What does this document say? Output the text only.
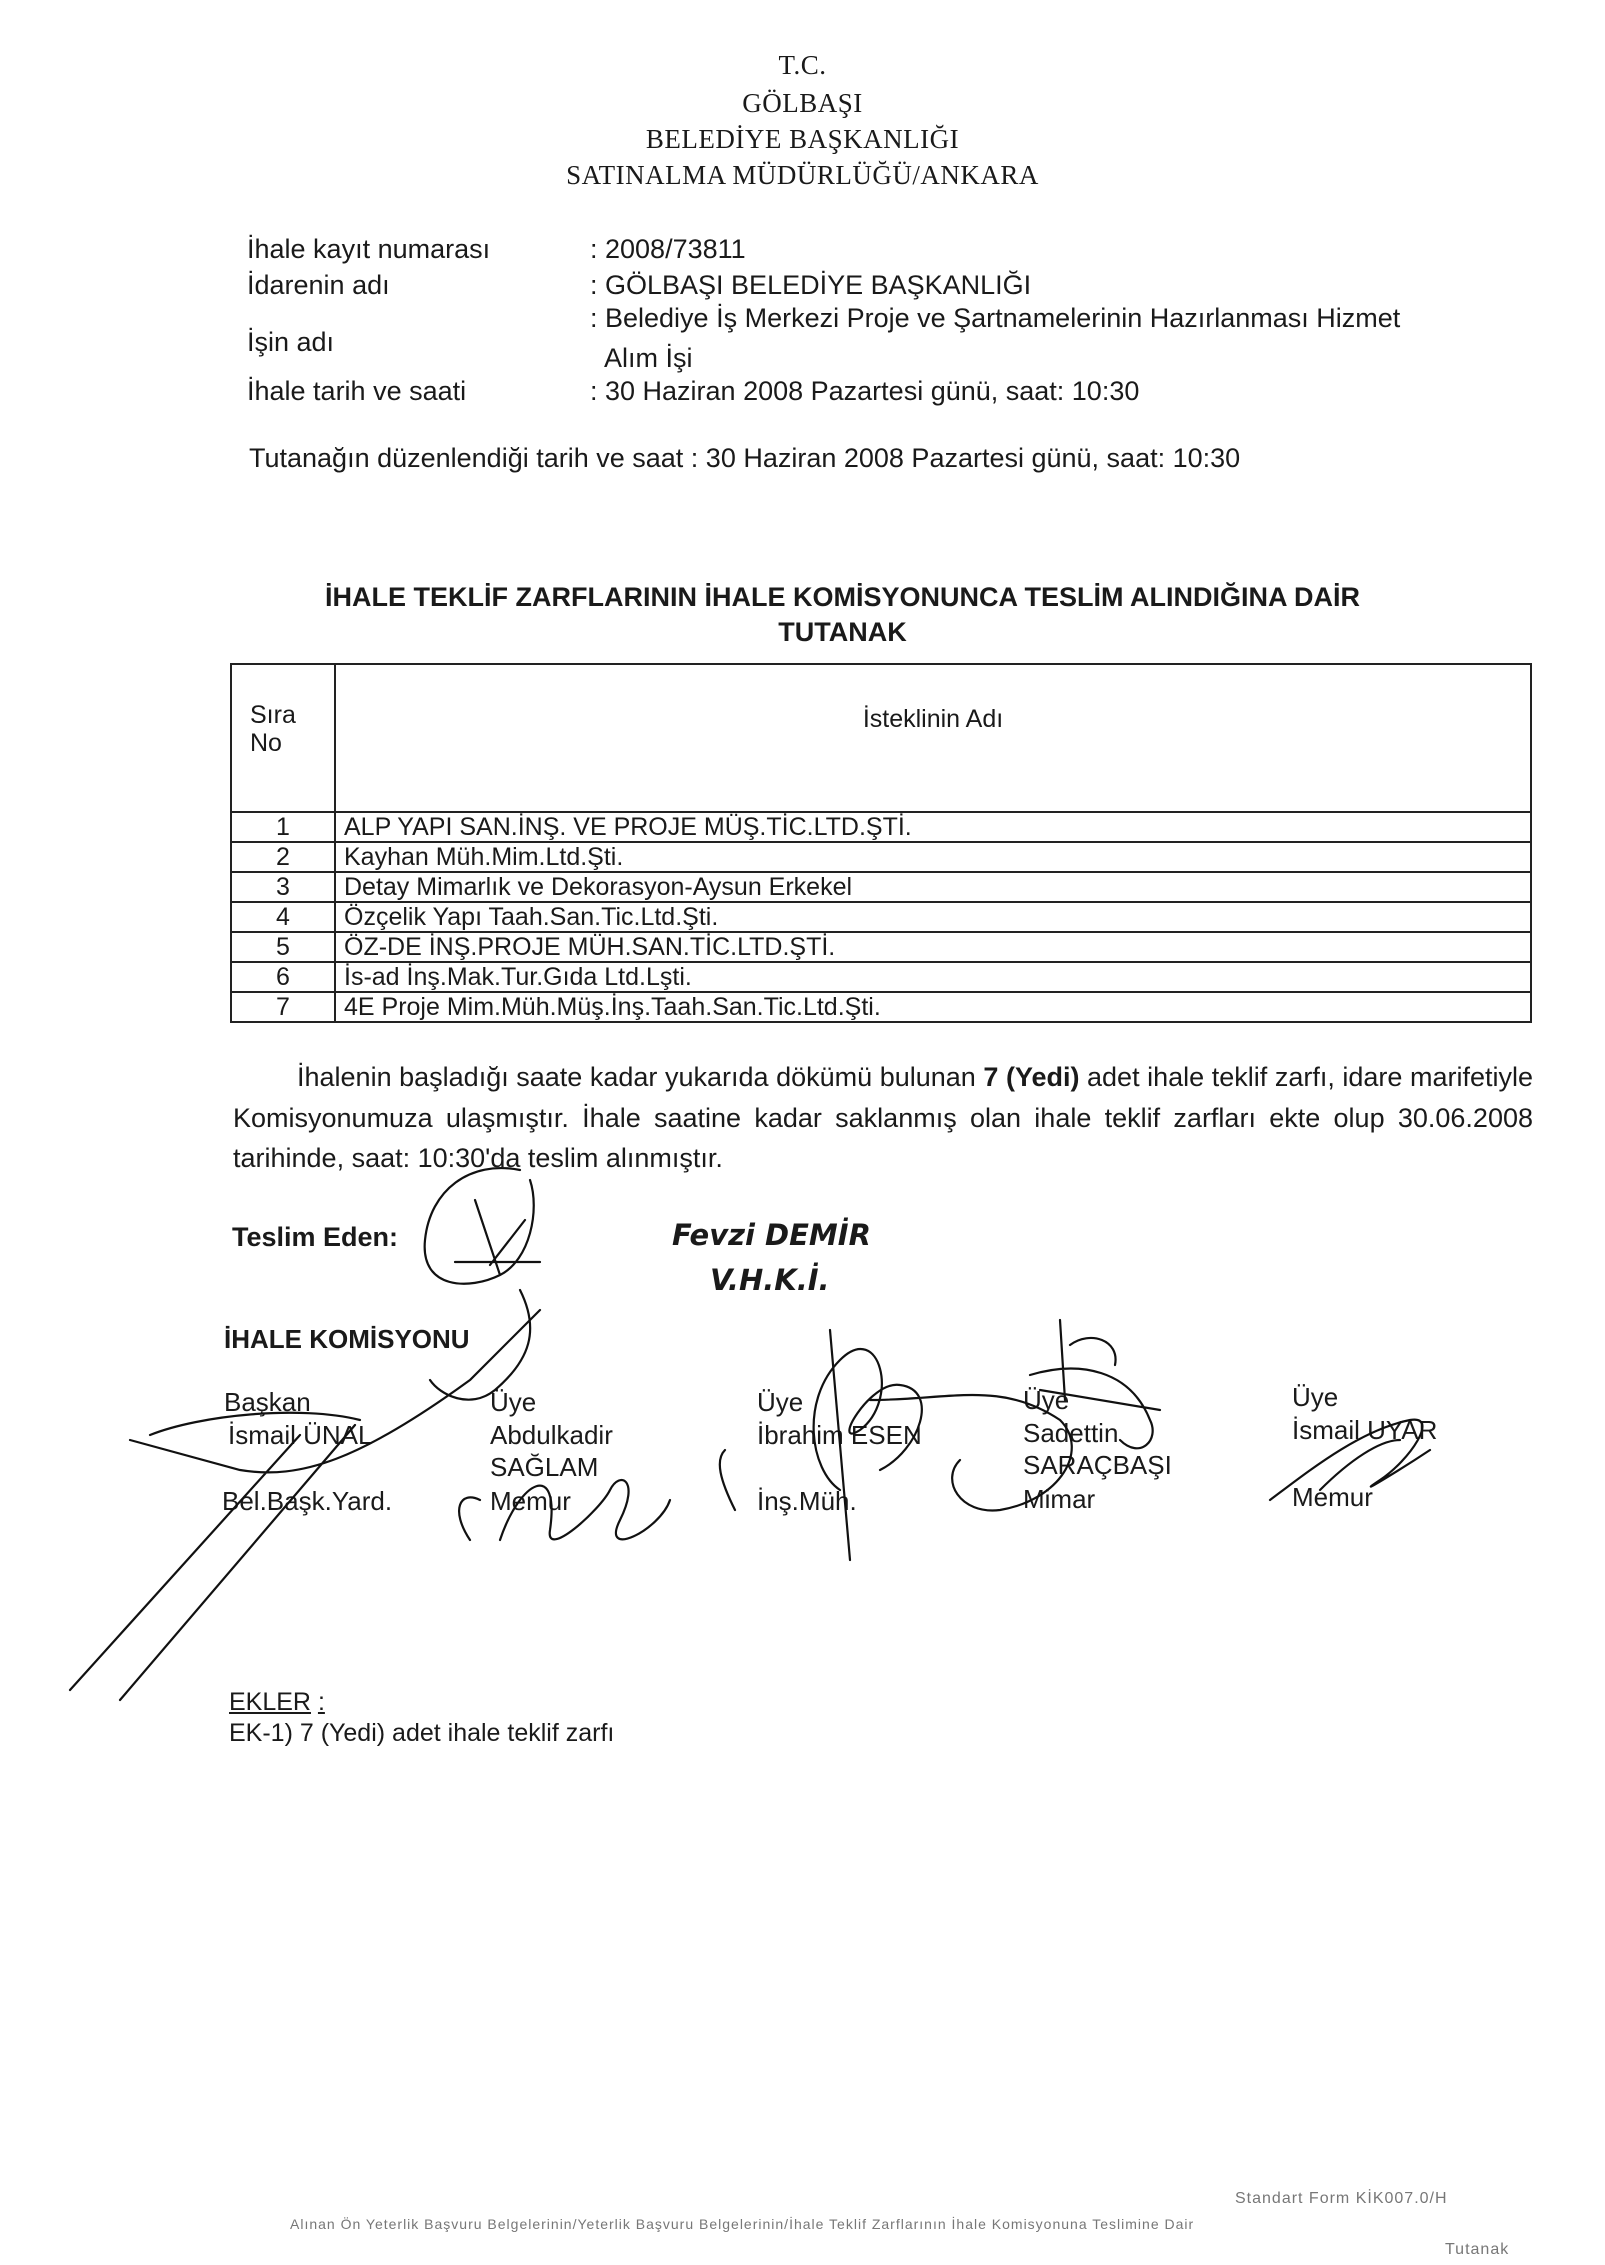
T.C.
GÖLBAŞI
BELEDİYE BAŞKANLIĞI
SATINALMA MÜDÜRLÜĞÜ/ANKARA
İhale kayıt numarası	: 2008/73811
İdarenin adı	: GÖLBAŞI BELEDİYE BAŞKANLIĞI
İşin adı
: Belediye İş Merkezi Proje ve Şartnamelerinin Hazırlanması Hizmet
Alım İşi
İhale tarih ve saati	: 30 Haziran 2008 Pazartesi günü, saat: 10:30
Tutanağın düzenlendiği tarih ve saat : 30 Haziran 2008 Pazartesi günü, saat: 10:30
İHALE TEKLİF ZARFLARININ İHALE KOMİSYONUNCA TESLİM ALINDIĞINA DAİR
TUTANAK
Sıra
No	İsteklinin Adı
1	ALP YAPI SAN.İNŞ. VE PROJE MÜŞ.TİC.LTD.ŞTİ.
2	Kayhan Müh.Mim.Ltd.Şti.
3	Detay Mimarlık ve Dekorasyon-Aysun Erkekel
4	Özçelik Yapı Taah.San.Tic.Ltd.Şti.
5	ÖZ-DE İNŞ.PROJE MÜH.SAN.TİC.LTD.ŞTİ.
6	İs-ad İnş.Mak.Tur.Gıda Ltd.Lşti.
7	4E Proje Mim.Müh.Müş.İnş.Taah.San.Tic.Ltd.Şti.
İhalenin başladığı saate kadar yukarıda dökümü bulunan 7 (Yedi) adet ihale teklif zarfı, idare marifetiyle Komisyonumuza ulaşmıştır. İhale saatine kadar saklanmış olan ihale teklif zarfları ekte olup 30.06.2008 tarihinde, saat: 10:30'da teslim alınmıştır.
Teslim Eden:	Fevzi DEMİR
V.H.K.İ.
İHALE KOMİSYONU
Başkan
İsmail ÜNAL
Bel.Başk.Yard.
Üye
Abdulkadir
SAĞLAM
Memur
Üye
İbrahim ESEN
İnş.Müh.
Üye
Sadettin
SARAÇBAŞI
Mimar
Üye
İsmail UYAR
Memur
EKLER :
EK-1) 7 (Yedi) adet ihale teklif zarfı
Standart Form KİK007.0/H
Alınan Ön Yeterlik Başvuru Belgelerinin/Yeterlik Başvuru Belgelerinin/İhale Teklif Zarflarının İhale Komisyonuna Teslimine Dair
Tutanak
